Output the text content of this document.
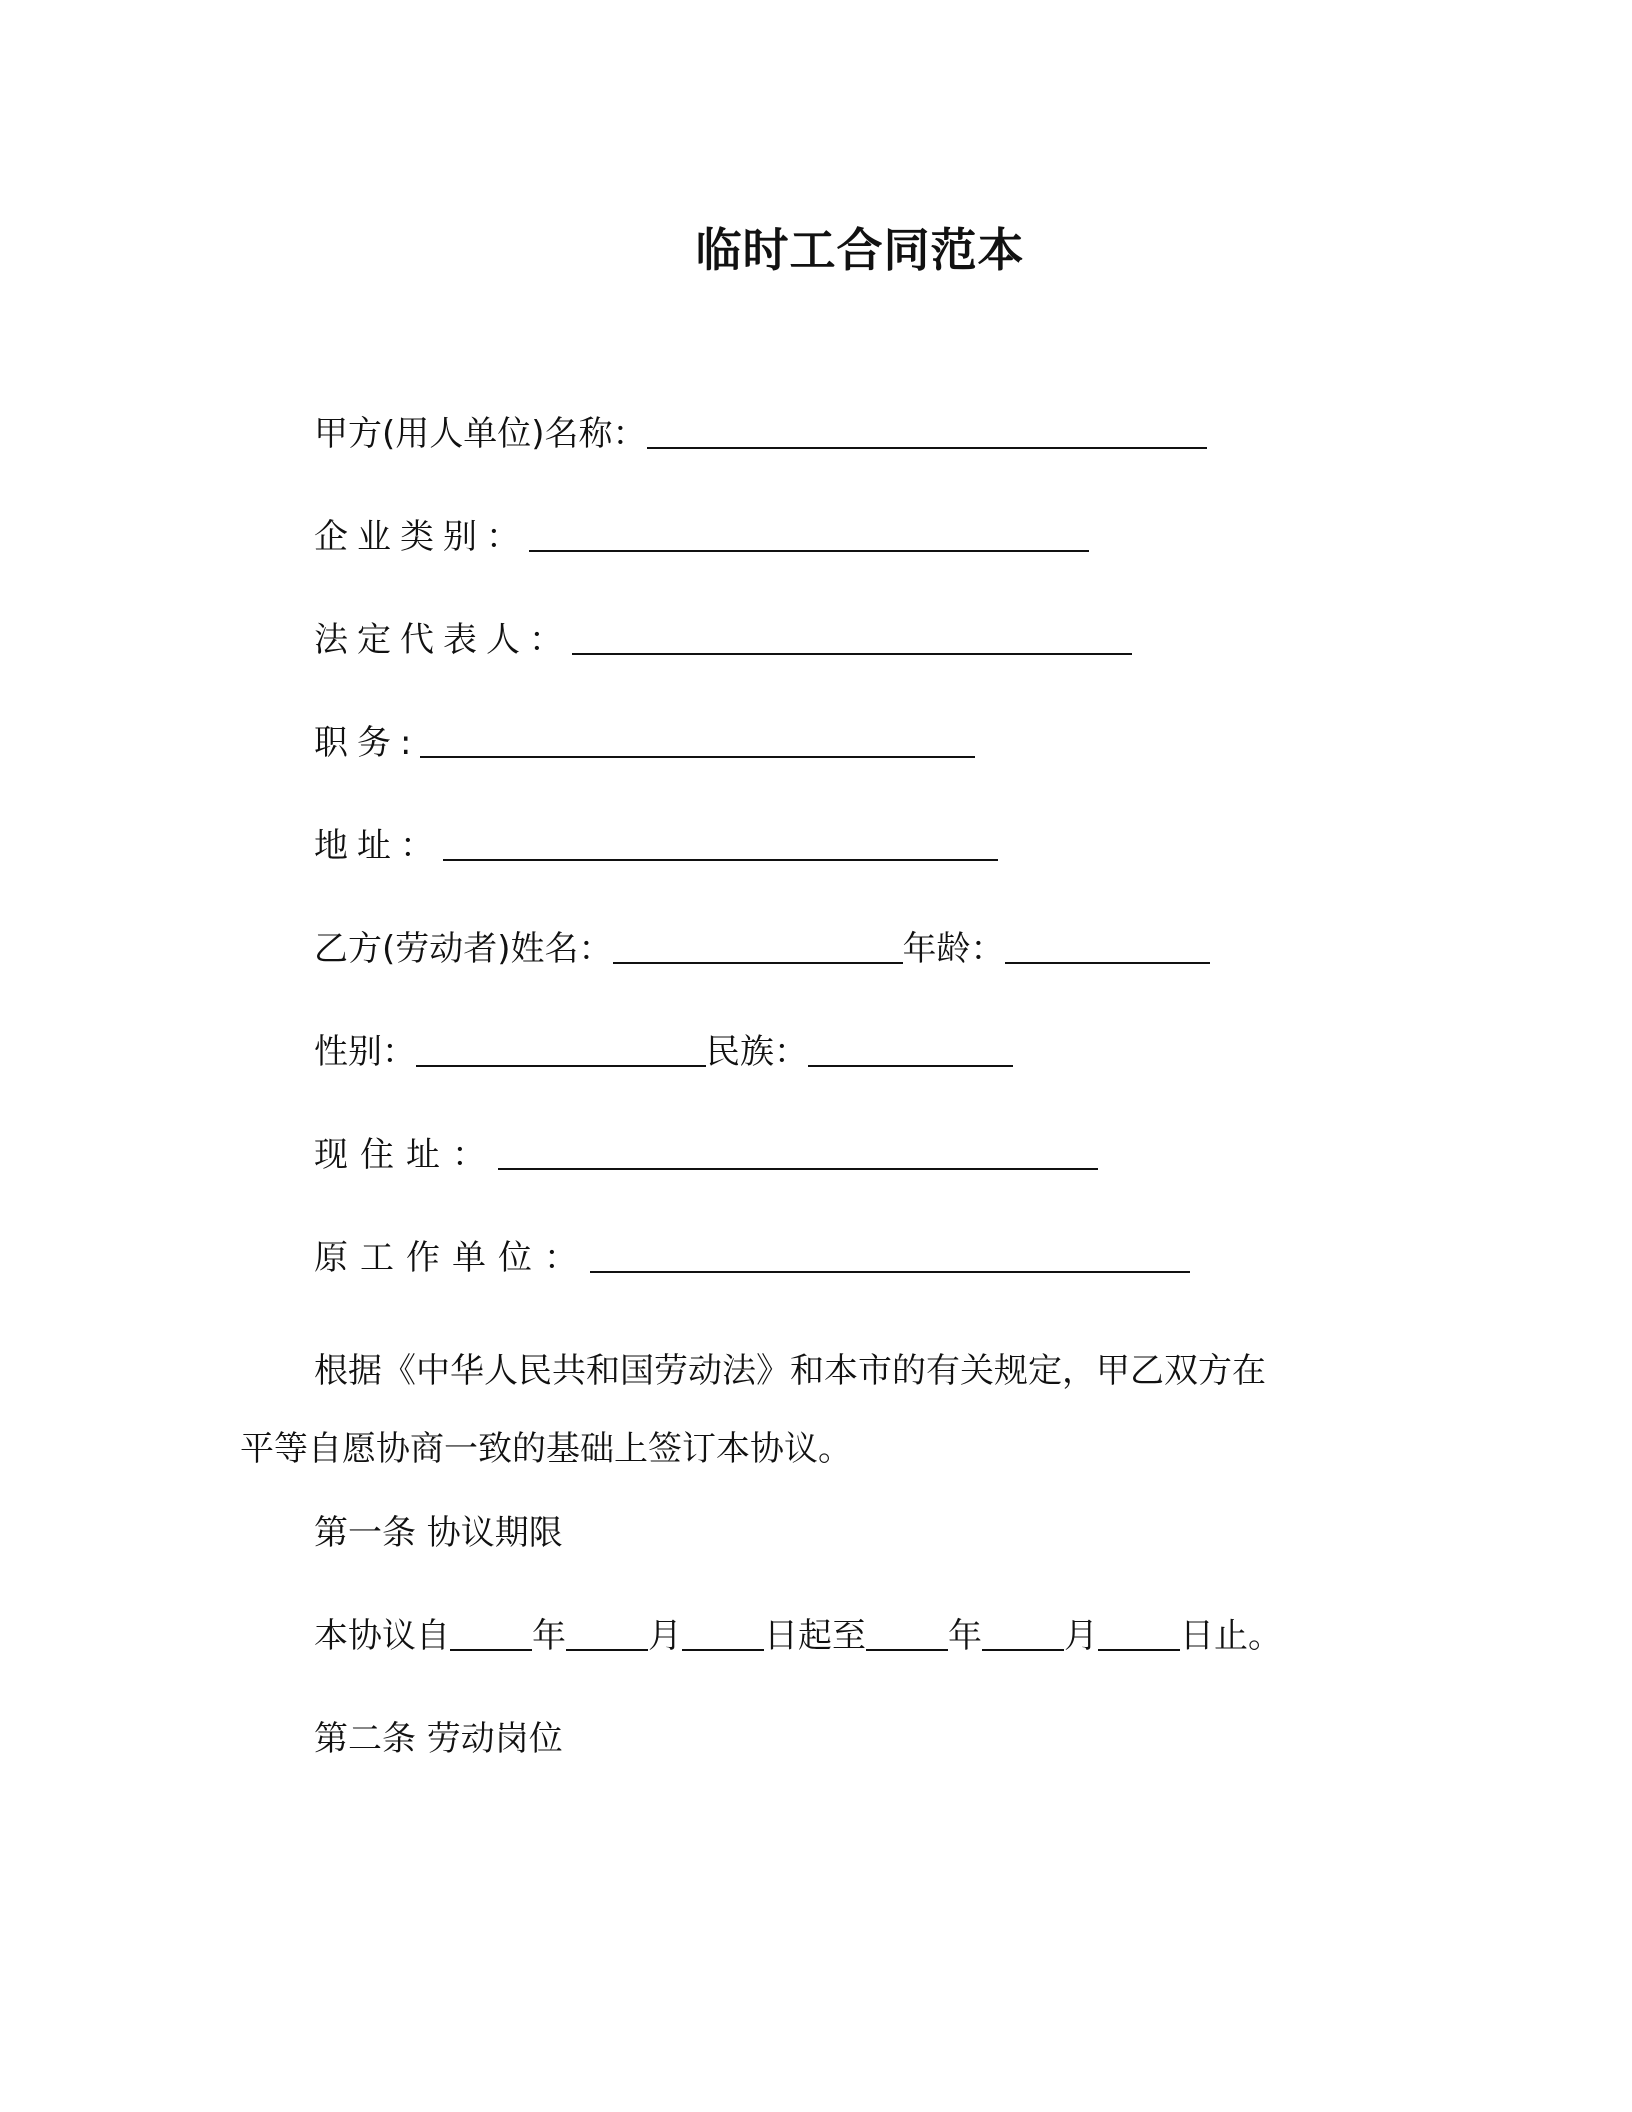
临时工合同范本
甲方(用人单位)名称：
企业类别：
法定代表人：
职务:
地址：
乙方(劳动者)姓名：	年龄：
性别：	民族：
现住址：
原工作单位：
根据《中华人民共和国劳动法》和本市的有关规定，甲乙双方在
平等自愿协商一致的基础上签订本协议。
第一条 协议期限
本协议自 年 月 日起至 年 月 日止。
第二条 劳动岗位
